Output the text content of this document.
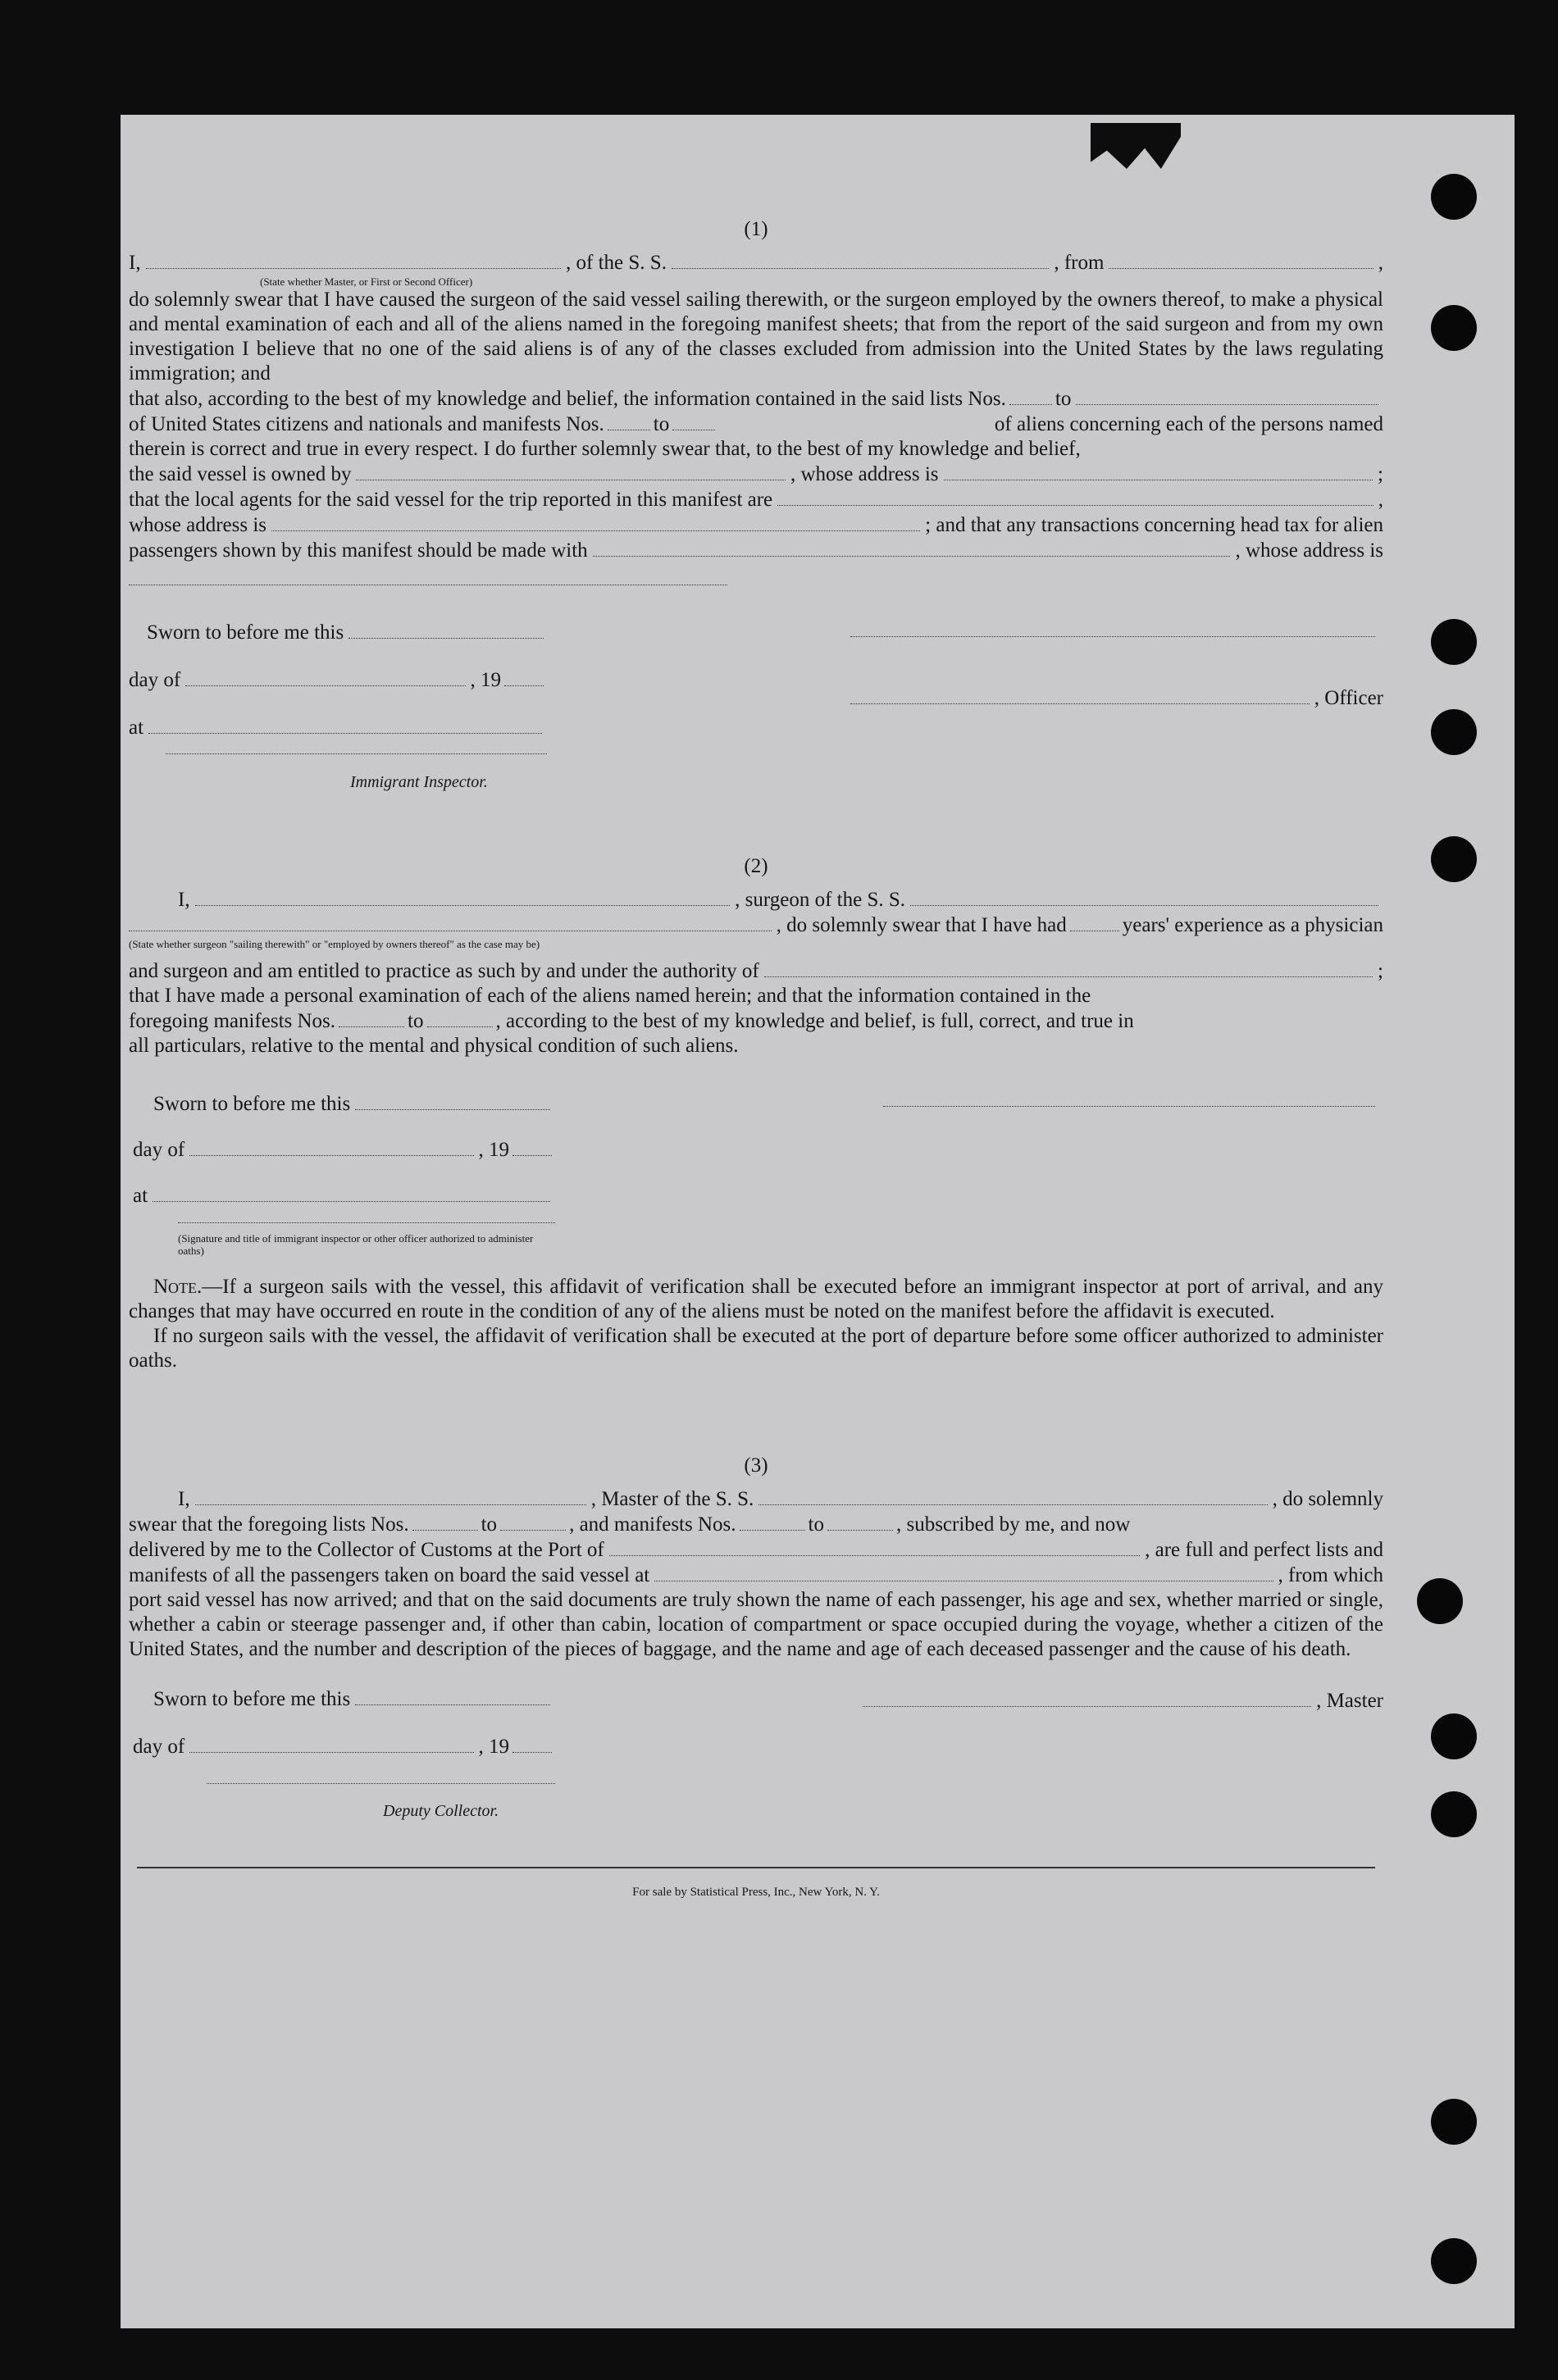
(1)
I,	, of the S. S.	, from	,
(State whether Master, or First or Second Officer)

do solemnly swear that I have caused the surgeon of the said vessel sailing therewith, or the surgeon employed by the owners thereof, to make a physical and mental examination of each and all of the aliens named in the foregoing manifest sheets; that from the report of the said surgeon and from my own investigation I believe that no one of the said aliens is of any of the classes excluded from admission into the United States by the laws regulating immigration; and

that also, according to the best of my knowledge and belief, the information contained in the said lists Nos. to
of United States citizens and nationals and manifests Nos. to	of aliens concerning each of the persons named
therein is correct and true in every respect. I do further solemnly swear that, to the best of my knowledge and belief,
the said vessel is owned by	, whose address is	;
that the local agents for the said vessel for the trip reported in this manifest are	,
whose address is	; and that any transactions concerning head tax for alien
passengers shown by this manifest should be made with	, whose address is
Sworn to before me this
day of	, 19
at
Immigrant Inspector.
, Officer
(2)
I,	, surgeon of the S. S.
, do solemnly swear that I have had	years' experience as a physician
(State whether surgeon "sailing therewith" or "employed by owners thereof" as the case may be)
and surgeon and am entitled to practice as such by and under the authority of	;
that I have made a personal examination of each of the aliens named herein; and that the information contained in the
foregoing manifests Nos.	to	, according to the best of my knowledge and belief, is full, correct, and true in
all particulars, relative to the mental and physical condition of such aliens.
Sworn to before me this
day of	, 19
at
(Signature and title of immigrant inspector or other officer authorized to administer oaths)

Note.—If a surgeon sails with the vessel, this affidavit of verification shall be executed before an immigrant inspector at port of arrival, and any changes that may have occurred en route in the condition of any of the aliens must be noted on the manifest before the affidavit is executed.

If no surgeon sails with the vessel, the affidavit of verification shall be executed at the port of departure before some officer authorized to administer oaths.

(3)
I,	, Master of the S. S.	, do solemnly
swear that the foregoing lists Nos.	to	, and manifests Nos.	to	, subscribed by me, and now
delivered by me to the Collector of Customs at the Port of	, are full and perfect lists and
manifests of all the passengers taken on board the said vessel at	, from which

port said vessel has now arrived; and that on the said documents are truly shown the name of each passenger, his age and sex, whether married or single, whether a cabin or steerage passenger and, if other than cabin, location of compartment or space occupied during the voyage, whether a citizen of the United States, and the number and description of the pieces of baggage, and the name and age of each deceased passenger and the cause of his death.

Sworn to before me this
day of	, 19
Deputy Collector.
, Master
For sale by Statistical Press, Inc., New York, N. Y.
